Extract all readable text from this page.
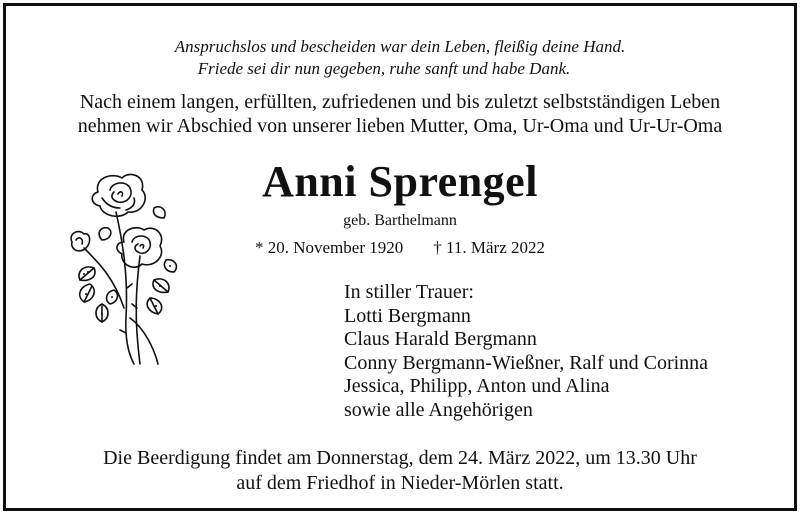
Anspruchslos und bescheiden war dein Leben, fleißig deine Hand.

Friede sei dir nun gegeben, ruhe sanft und habe Dank.
Nach einem langen, erfüllten, zufriedenen und bis zuletzt selbstständigen Leben
nehmen wir Abschied von unserer lieben Mutter, Oma, Ur-Oma und Ur-Ur-Oma
Anni Sprengel
geb. Barthelmann
* 20. November 1920 † 11. März 2022
In stiller Trauer:
Lotti Bergmann
Claus Harald Bergmann
Conny Bergmann-Wießner, Ralf und Corinna
Jessica, Philipp, Anton und Alina
sowie alle Angehörigen
Die Beerdigung findet am Donnerstag, dem 24. März 2022, um 13.30 Uhr
auf dem Friedhof in Nieder-Mörlen statt.
